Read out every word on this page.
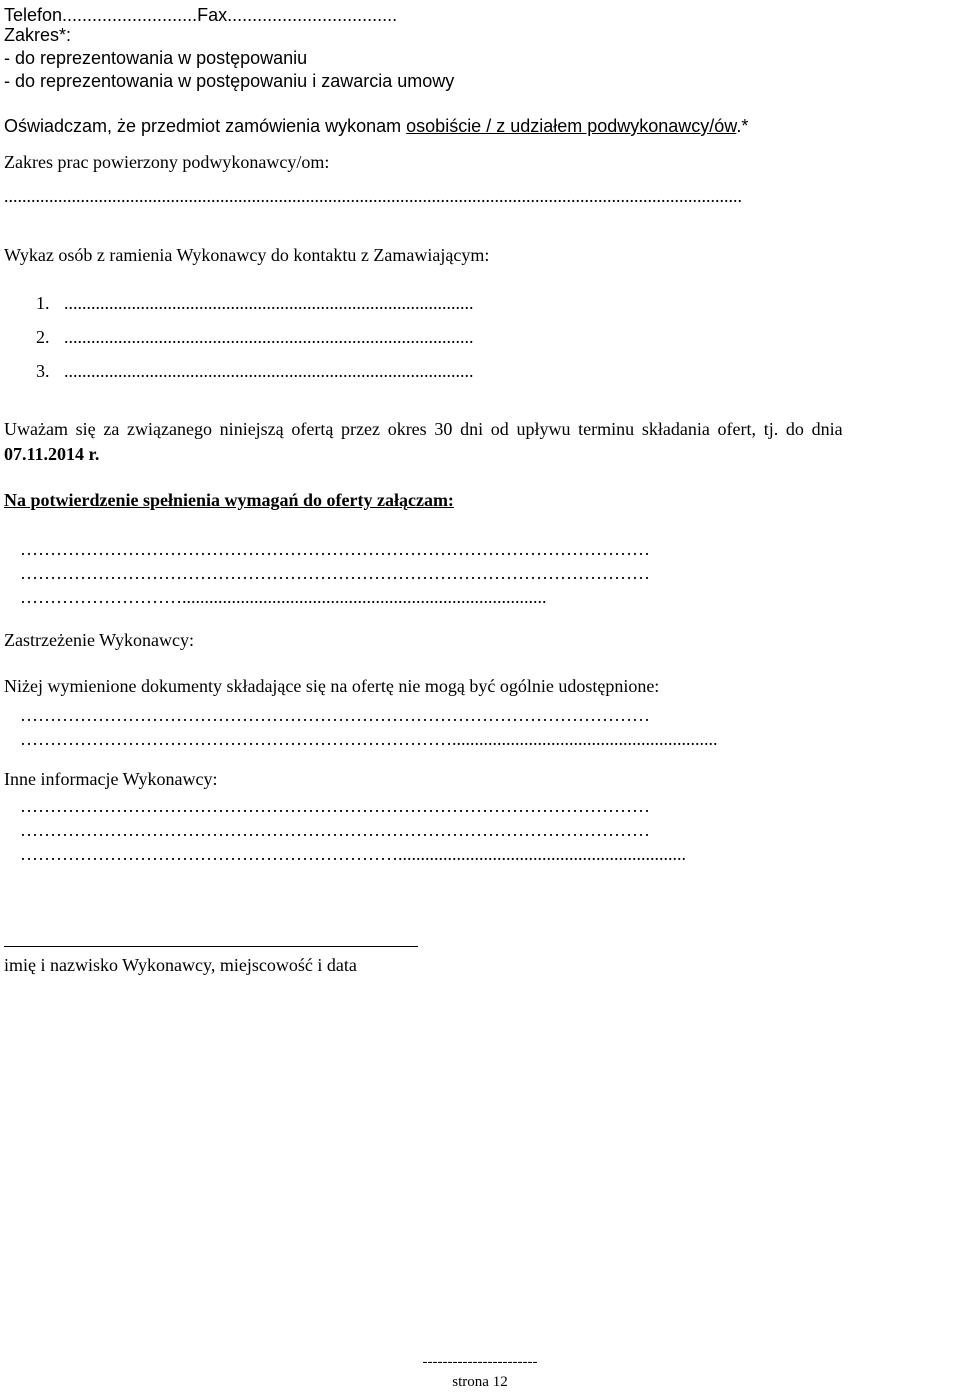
Telefon...........................Fax..................................
Zakres*:
- do reprezentowania w postępowaniu
- do reprezentowania w postępowaniu i zawarcia umowy
Oświadczam, że przedmiot zamówienia wykonam osobiście / z udziałem podwykonawcy/ów.*
Zakres prac powierzony podwykonawcy/om:
....................................................................................................................................................................
Wykaz osób z ramienia Wykonawcy do kontaktu z Zamawiającym:
1. ...........................................................................................
2. ...........................................................................................
3. ...........................................................................................
Uważam się za związanego niniejszą ofertą przez okres 30 dni od upływu terminu składania ofert, tj. do dnia
07.11.2014 r.
Na potwierdzenie spełnienia wymagań do oferty załączam:
……………………………………………………………………………………………
……………………………………………………………………………………………
……………………….................................................................................
Zastrzeżenie Wykonawcy:
Niżej wymienione dokumenty składające się na ofertę nie mogą być ogólnie udostępnione:
……………………………………………………………………………………………
………………………………………………………………...........................................................
Inne informacje Wykonawcy:
……………………………………………………………………………………………
……………………………………………………………………………………………
………………………………………………………................................................................
imię i nazwisko Wykonawcy, miejscowość i data
-----------------------
strona 12
